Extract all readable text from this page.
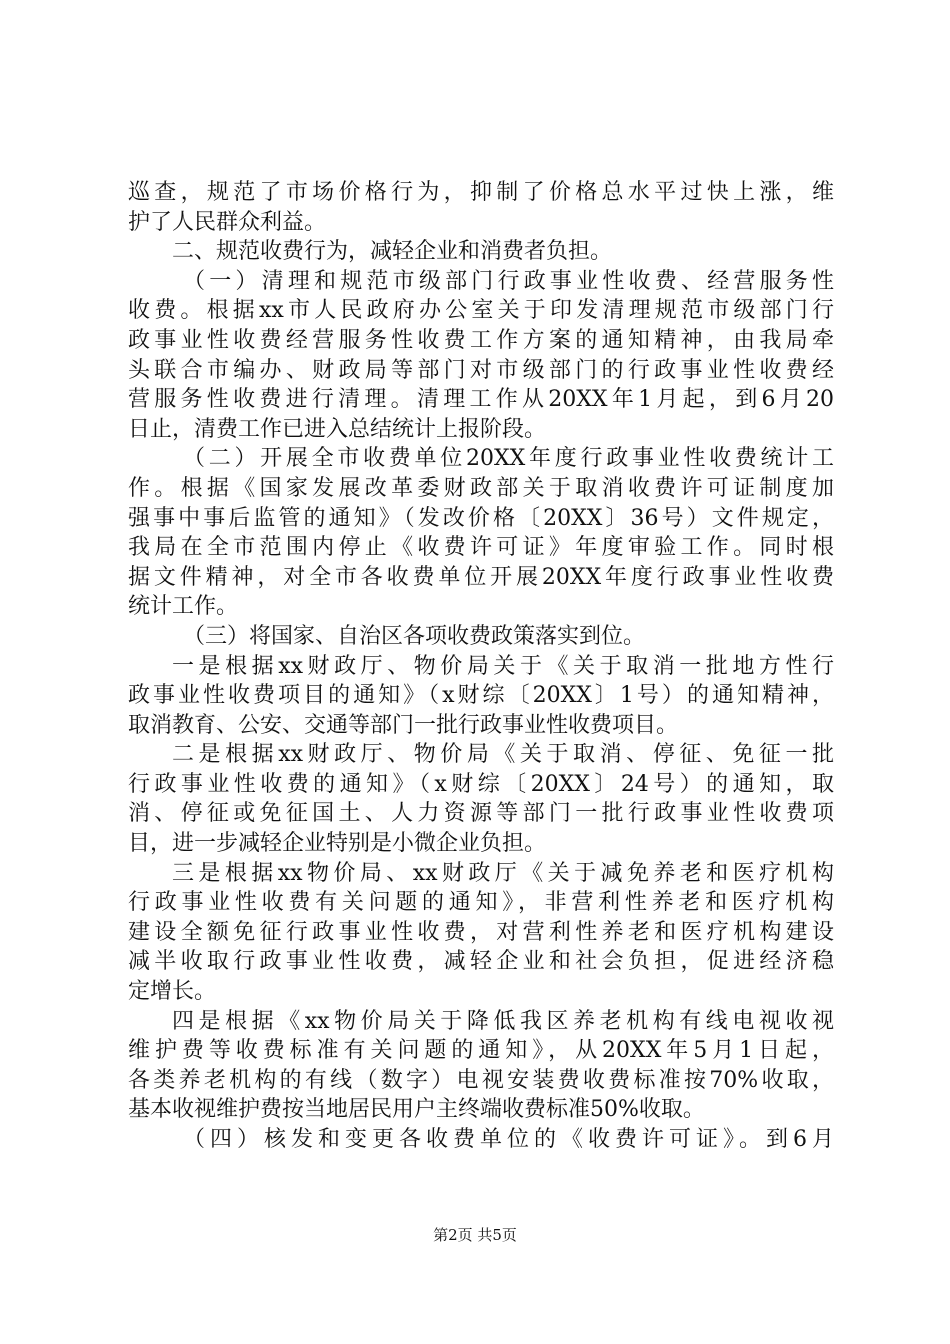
巡查，规范了市场价格行为，抑制了价格总水平过快上涨，维
护了人民群众利益。
二、规范收费行为，减轻企业和消费者负担。
（一）清理和规范市级部门行政事业性收费、经营服务性
收费。根据xx市人民政府办公室关于印发清理规范市级部门行
政事业性收费经营服务性收费工作方案的通知精神，由我局牵
头联合市编办、财政局等部门对市级部门的行政事业性收费经
营服务性收费进行清理。清理工作从20XX年1月起，到6月20
日止，清费工作已进入总结统计上报阶段。
（二）开展全市收费单位20XX年度行政事业性收费统计工
作。根据《国家发展改革委财政部关于取消收费许可证制度加
强事中事后监管的通知》（发改价格〔20XX〕36号）文件规定，
我局在全市范围内停止《收费许可证》年度审验工作。同时根
据文件精神，对全市各收费单位开展20XX年度行政事业性收费
统计工作。
（三）将国家、自治区各项收费政策落实到位。
一是根据xx财政厅、物价局关于《关于取消一批地方性行
政事业性收费项目的通知》（x财综〔20XX〕1号）的通知精神，
取消教育、公安、交通等部门一批行政事业性收费项目。
二是根据xx财政厅、物价局《关于取消、停征、免征一批
行政事业性收费的通知》（x财综〔20XX〕24号）的通知，取
消、停征或免征国土、人力资源等部门一批行政事业性收费项
目，进一步减轻企业特别是小微企业负担。
三是根据xx物价局、xx财政厅《关于减免养老和医疗机构
行政事业性收费有关问题的通知》，非营利性养老和医疗机构
建设全额免征行政事业性收费，对营利性养老和医疗机构建设
减半收取行政事业性收费，减轻企业和社会负担，促进经济稳
定增长。
四是根据《xx物价局关于降低我区养老机构有线电视收视
维护费等收费标准有关问题的通知》，从20XX年5月1日起，
各类养老机构的有线（数字）电视安装费收费标准按70%收取，
基本收视维护费按当地居民用户主终端收费标准50%收取。
（四）核发和变更各收费单位的《收费许可证》。到6月
第2页 共5页
